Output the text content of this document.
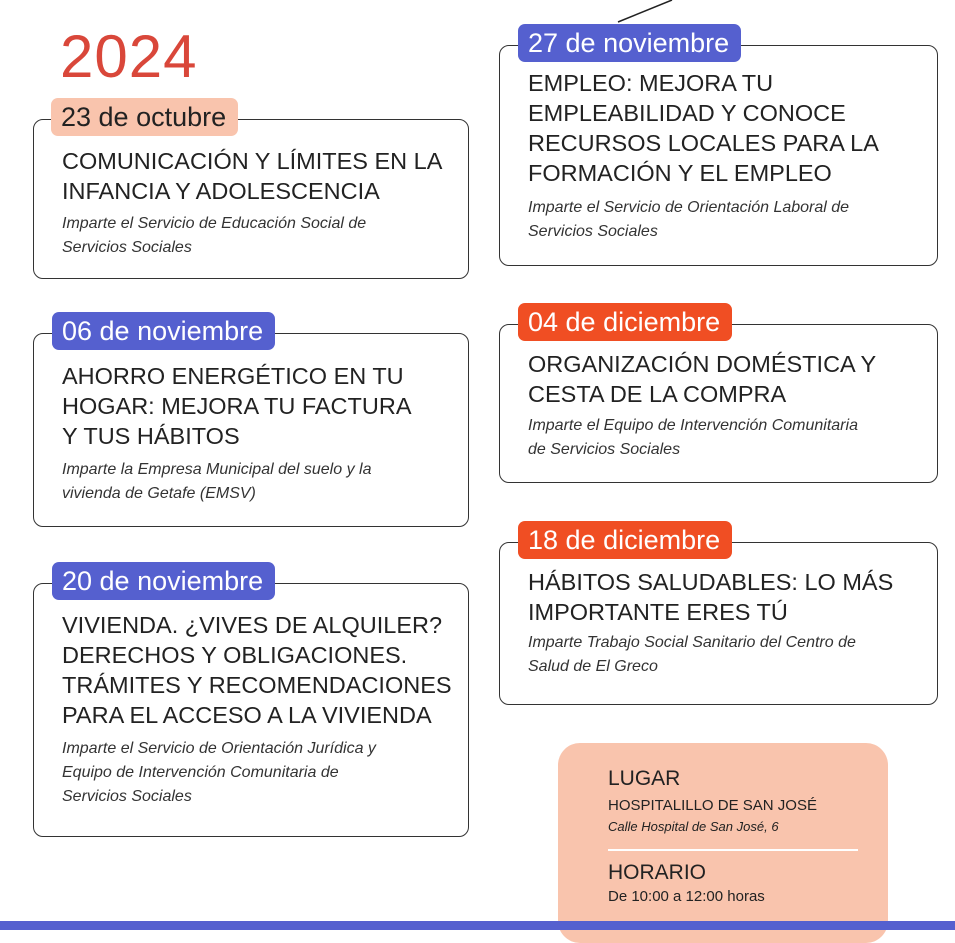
2024
23 de octubre
COMUNICACIÓN Y LÍMITES EN LA
INFANCIA Y ADOLESCENCIA
Imparte el Servicio de Educación Social de
Servicios Sociales
06 de noviembre
AHORRO ENERGÉTICO EN TU
HOGAR: MEJORA TU FACTURA
Y TUS HÁBITOS
Imparte la Empresa Municipal del suelo y la
vivienda de Getafe (EMSV)
20 de noviembre
VIVIENDA. ¿VIVES DE ALQUILER?
DERECHOS Y OBLIGACIONES.
TRÁMITES Y RECOMENDACIONES
PARA EL ACCESO A LA VIVIENDA
Imparte el Servicio de Orientación Jurídica y
Equipo de Intervención Comunitaria de
Servicios Sociales
27 de noviembre
EMPLEO: MEJORA TU
EMPLEABILIDAD Y CONOCE
RECURSOS LOCALES PARA LA
FORMACIÓN Y EL EMPLEO
Imparte el Servicio de Orientación Laboral de
Servicios Sociales
04 de diciembre
ORGANIZACIÓN DOMÉSTICA Y
CESTA DE LA COMPRA
Imparte el Equipo de Intervención Comunitaria
de Servicios Sociales
18 de diciembre
HÁBITOS SALUDABLES: LO MÁS
IMPORTANTE ERES TÚ
Imparte Trabajo Social Sanitario del Centro de
Salud de El Greco
LUGAR
HOSPITALILLO DE SAN JOSÉ
Calle Hospital de San José, 6
HORARIO
De 10:00 a 12:00 horas
